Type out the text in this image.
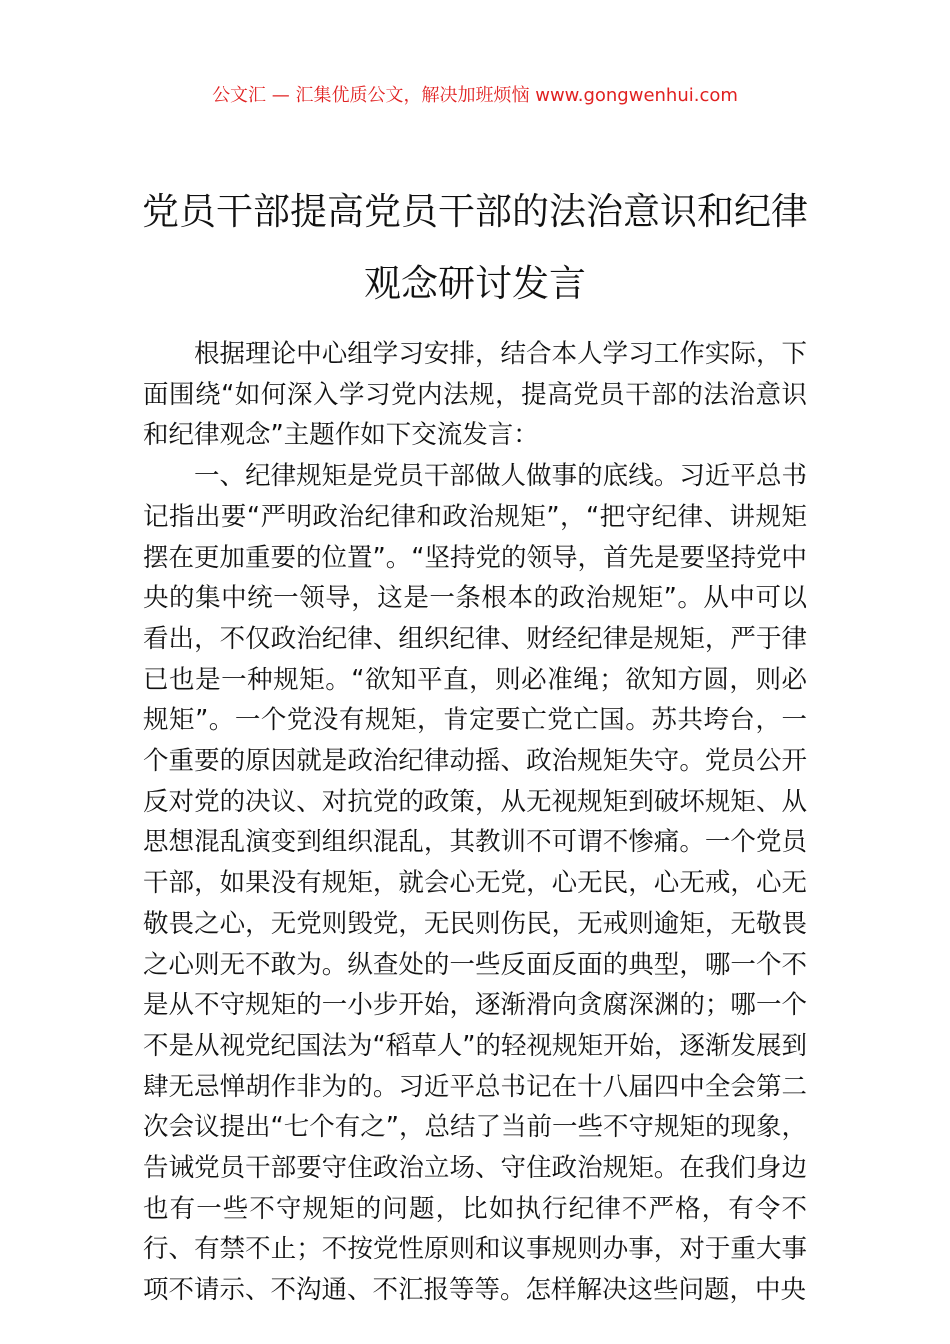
公文汇 — 汇集优质公文，解决加班烦恼 www.gongwenhui.com
党员干部提高党员干部的法治意识和纪律
观念研讨发言

根据理论中心组学习安排，结合本人学习工作实际，下面围绕“如何深入学习党内法规，提高党员干部的法治意识和纪律观念”主题作如下交流发言：

一、纪律规矩是党员干部做人做事的底线。习近平总书记指出要“严明政治纪律和政治规矩”，“把守纪律、讲规矩摆在更加重要的位置”。“坚持党的领导，首先是要坚持党中央的集中统一领导，这是一条根本的政治规矩”。从中可以看出，不仅政治纪律、组织纪律、财经纪律是规矩，严于律已也是一种规矩。“欲知平直，则必准绳；欲知方圆，则必规矩”。一个党没有规矩，肯定要亡党亡国。苏共垮台，一个重要的原因就是政治纪律动摇、政治规矩失守。党员公开反对党的决议、对抗党的政策，从无视规矩到破坏规矩、从思想混乱演变到组织混乱，其教训不可谓不惨痛。一个党员干部，如果没有规矩，就会心无党，心无民，心无戒，心无敬畏之心，无党则毁党，无民则伤民，无戒则逾矩，无敬畏之心则无不敢为。纵查处的一些反面反面的典型，哪一个不是从不守规矩的一小步开始，逐渐滑向贪腐深渊的；哪一个不是从视党纪国法为“稻草人”的轻视规矩开始，逐渐发展到肆无忌惮胡作非为的。习近平总书记在十八届四中全会第二次会议提出“七个有之”，总结了当前一些不守规矩的现象，告诫党员干部要守住政治立场、守住政治规矩。在我们身边也有一些不守规矩的问题，比如执行纪律不严格，有令不行、有禁不止；不按党性原则和议事规则办事，对于重大事项不请示、不沟通、不汇报等等。怎样解决这些问题，中央
